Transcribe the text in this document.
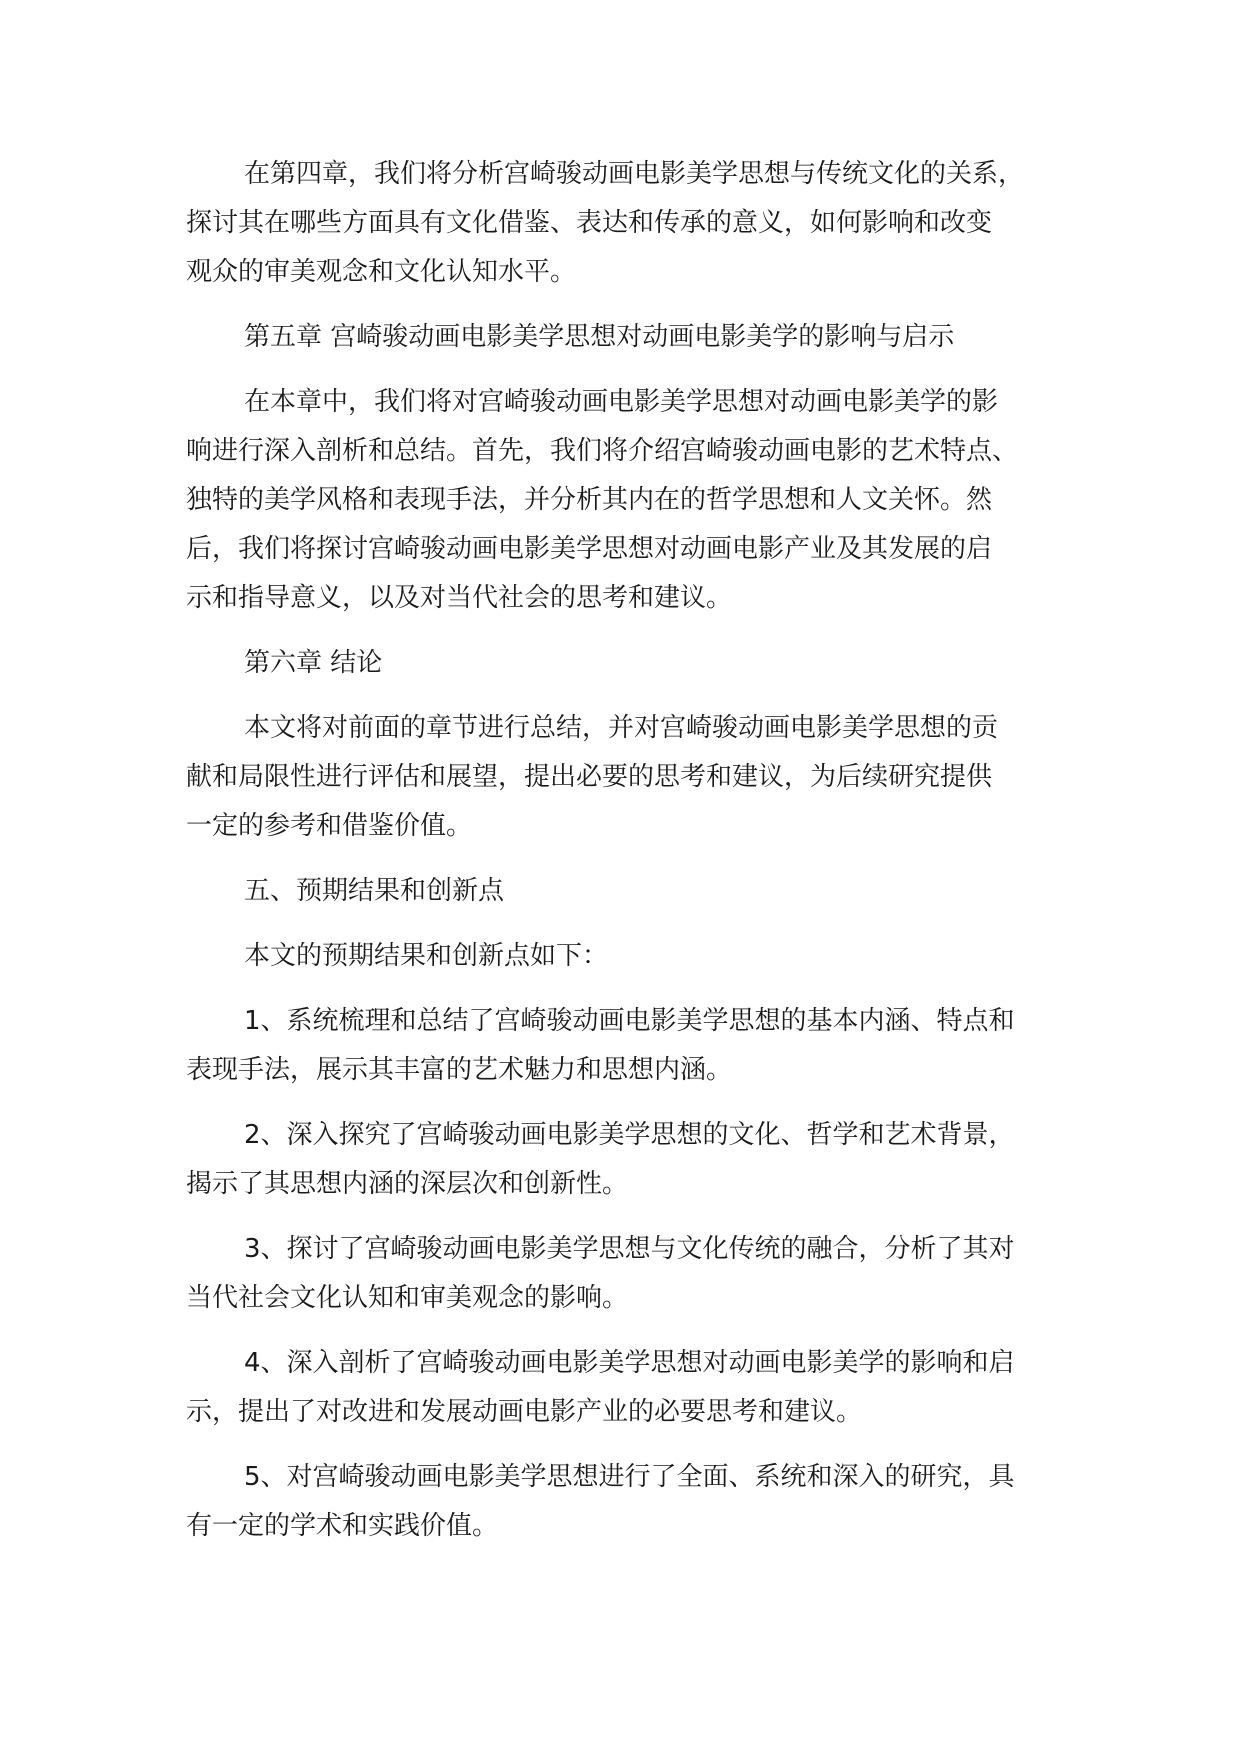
在第四章，我们将分析宫崎骏动画电影美学思想与传统文化的关系，
探讨其在哪些方面具有文化借鉴、表达和传承的意义，如何影响和改变
观众的审美观念和文化认知水平。
第五章 宫崎骏动画电影美学思想对动画电影美学的影响与启示
在本章中，我们将对宫崎骏动画电影美学思想对动画电影美学的影
响进行深入剖析和总结。首先，我们将介绍宫崎骏动画电影的艺术特点、
独特的美学风格和表现手法，并分析其内在的哲学思想和人文关怀。然
后，我们将探讨宫崎骏动画电影美学思想对动画电影产业及其发展的启
示和指导意义，以及对当代社会的思考和建议。
第六章 结论
本文将对前面的章节进行总结，并对宫崎骏动画电影美学思想的贡
献和局限性进行评估和展望，提出必要的思考和建议，为后续研究提供
一定的参考和借鉴价值。
五、预期结果和创新点
本文的预期结果和创新点如下：
1、系统梳理和总结了宫崎骏动画电影美学思想的基本内涵、特点和
表现手法，展示其丰富的艺术魅力和思想内涵。
2、深入探究了宫崎骏动画电影美学思想的文化、哲学和艺术背景，
揭示了其思想内涵的深层次和创新性。
3、探讨了宫崎骏动画电影美学思想与文化传统的融合，分析了其对
当代社会文化认知和审美观念的影响。
4、深入剖析了宫崎骏动画电影美学思想对动画电影美学的影响和启
示，提出了对改进和发展动画电影产业的必要思考和建议。
5、对宫崎骏动画电影美学思想进行了全面、系统和深入的研究，具
有一定的学术和实践价值。
